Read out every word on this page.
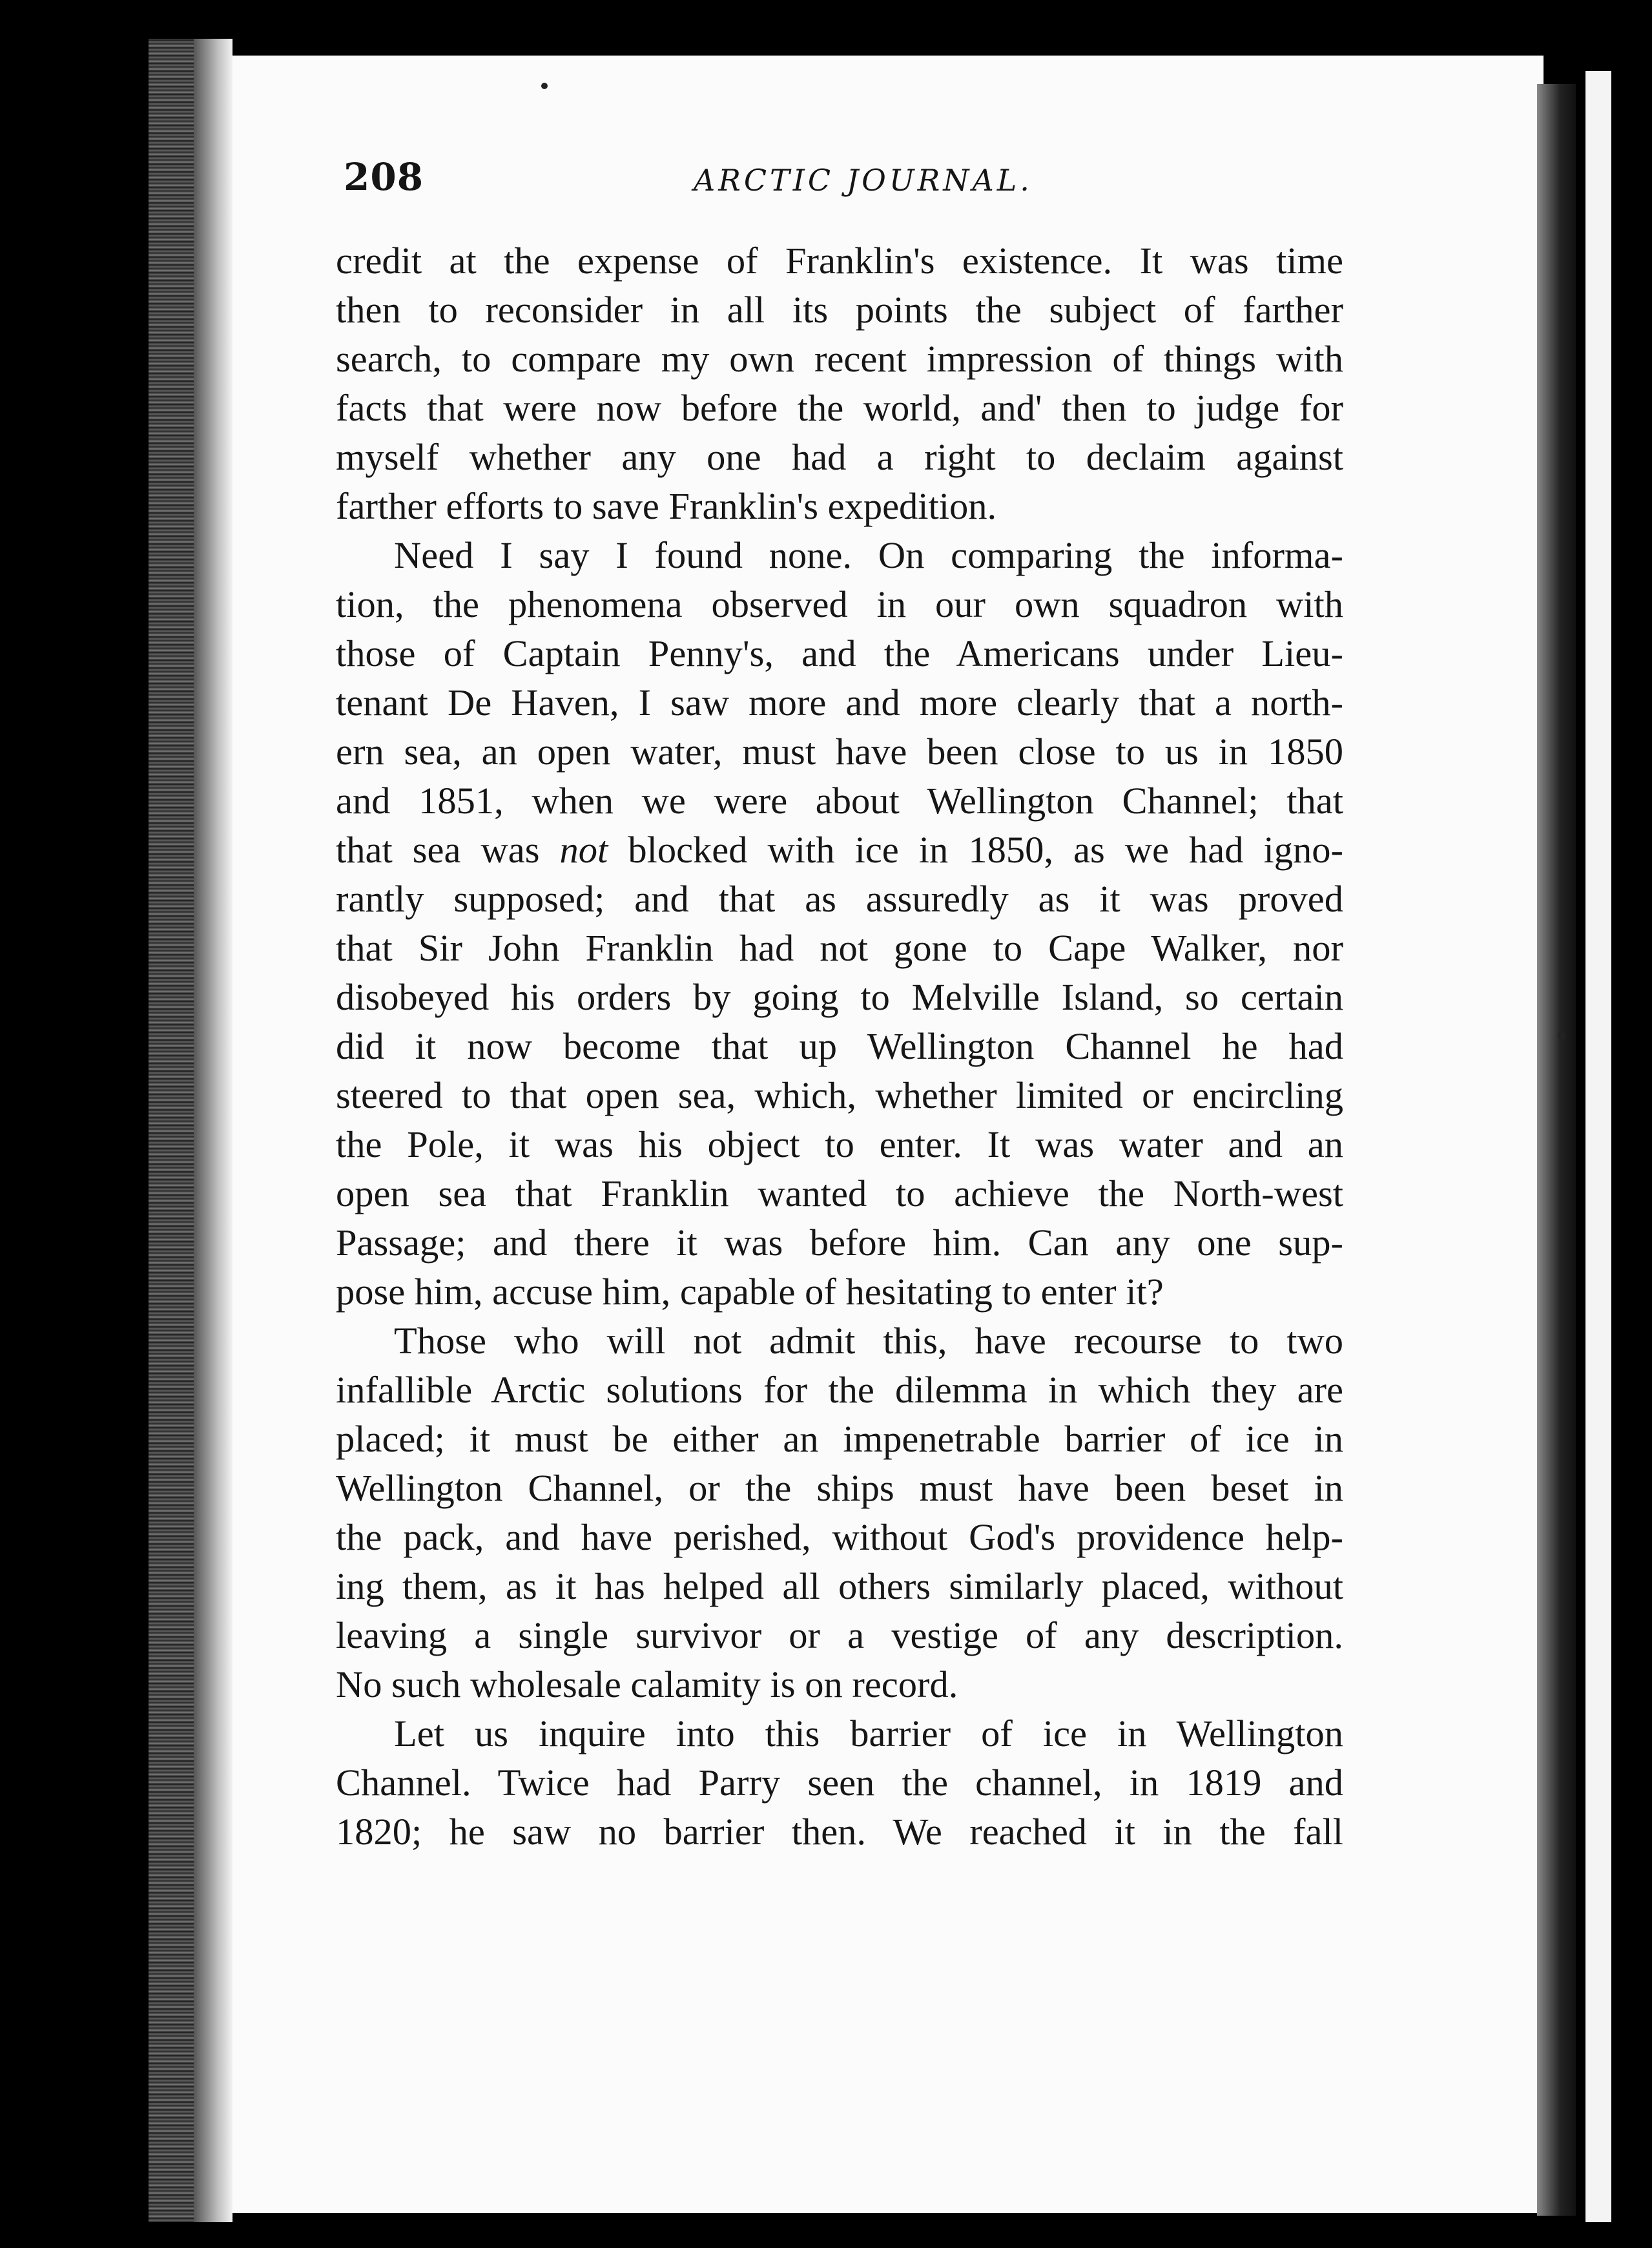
208	ARCTIC JOURNAL.

credit at the expense of Franklin's existence. It was time
then to reconsider in all its points the subject of farther
search, to compare my own recent impression of things with
facts that were now before the world, and' then to judge for
myself whether any one had a right to declaim against
farther efforts to save Franklin's expedition.

Need I say I found none. On comparing the informa-
tion, the phenomena observed in our own squadron with
those of Captain Penny's, and the Americans under Lieu-
tenant De Haven, I saw more and more clearly that a north-
ern sea, an open water, must have been close to us in 1850
and 1851, when we were about Wellington Channel; that
that sea was not blocked with ice in 1850, as we had igno-
rantly supposed; and that as assuredly as it was proved
that Sir John Franklin had not gone to Cape Walker, nor
disobeyed his orders by going to Melville Island, so certain
did it now become that up Wellington Channel he had
steered to that open sea, which, whether limited or encircling
the Pole, it was his object to enter. It was water and an
open sea that Franklin wanted to achieve the North-west
Passage; and there it was before him. Can any one sup-
pose him, accuse him, capable of hesitating to enter it?

Those who will not admit this, have recourse to two
infallible Arctic solutions for the dilemma in which they are
placed; it must be either an impenetrable barrier of ice in
Wellington Channel, or the ships must have been beset in
the pack, and have perished, without God's providence help-
ing them, as it has helped all others similarly placed, without
leaving a single survivor or a vestige of any description.
No such wholesale calamity is on record.

Let us inquire into this barrier of ice in Wellington
Channel. Twice had Parry seen the channel, in 1819 and
1820; he saw no barrier then. We reached it in the fall
